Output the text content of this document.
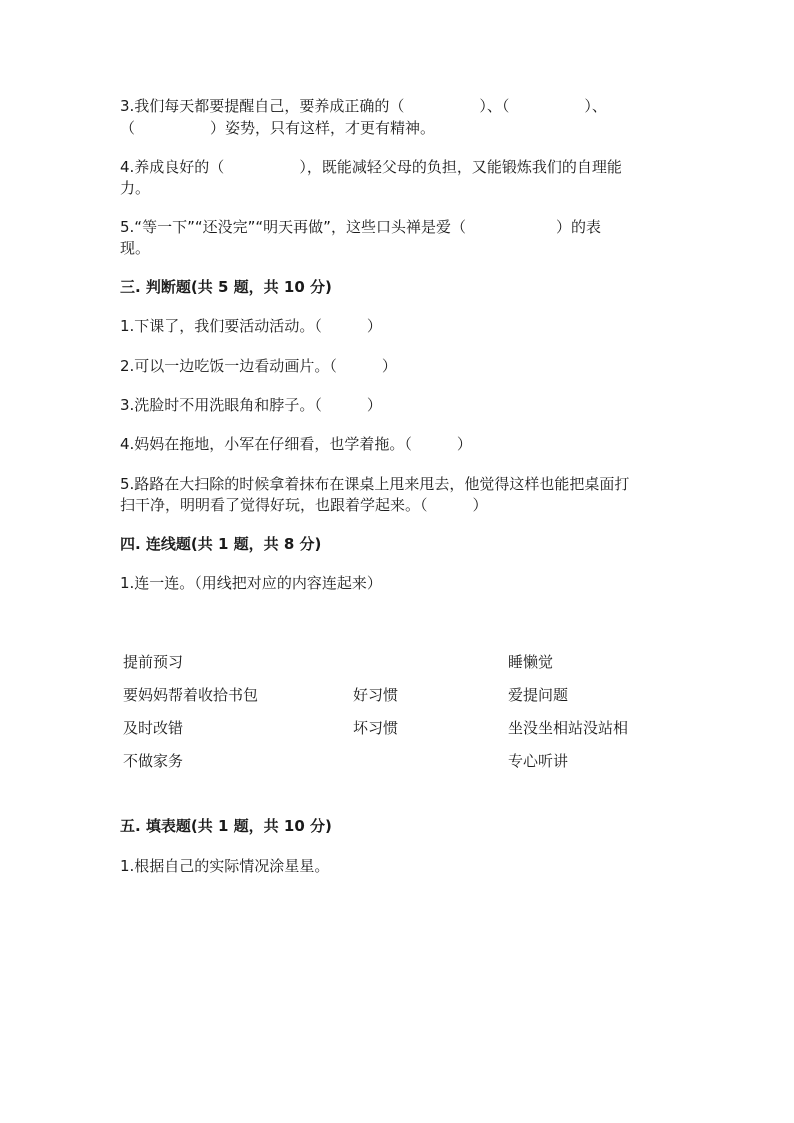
3.我们每天都要提醒自己，要养成正确的（　　　　　）、（　　　　　）、

（　　　　　）姿势，只有这样，才更有精神。

4.养成良好的（　　　　　），既能减轻父母的负担，又能锻炼我们的自理能

力。

5.“等一下”“还没完”“明天再做”，这些口头禅是爱（　　　　　　）的表

现。

三. 判断题(共 5 题，共 10 分)

1.下课了，我们要活动活动。（　　　）

2.可以一边吃饭一边看动画片。（　　　）

3.洗脸时不用洗眼角和脖子。（　　　）

4.妈妈在拖地，小军在仔细看，也学着拖。（　　　）

5.路路在大扫除的时候拿着抹布在课桌上甩来甩去，他觉得这样也能把桌面打

扫干净，明明看了觉得好玩，也跟着学起来。（　　　）

四. 连线题(共 1 题，共 8 分)

1.连一连。（用线把对应的内容连起来）

提前预习
要妈妈帮着收拾书包
及时改错
不做家务
好习惯
坏习惯
睡懒觉
爱提问题
坐没坐相站没站相
专心听讲

五. 填表题(共 1 题，共 10 分)

1.根据自己的实际情况涂星星。
